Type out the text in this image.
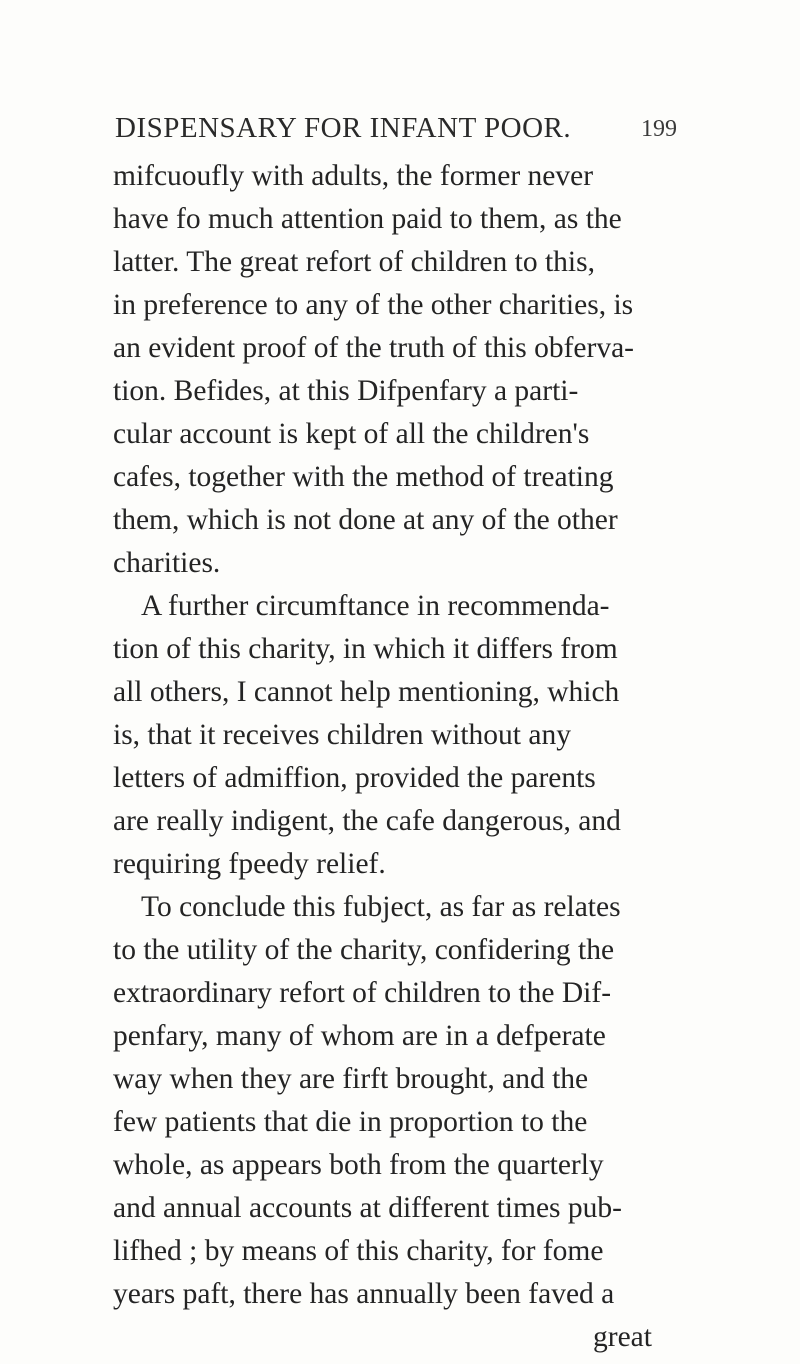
DISPENSARY FOR INFANT POOR.	199
mifcuoufly with adults, the former never
have fo much attention paid to them, as the
latter. The great refort of children to this,
in preference to any of the other charities, is
an evident proof of the truth of this obferva-
tion. Befides, at this Difpenfary a parti-
cular account is kept of all the children's
cafes, together with the method of treating
them, which is not done at any of the other
charities.
A further circumftance in recommenda-
tion of this charity, in which it differs from
all others, I cannot help mentioning, which
is, that it receives children without any
letters of admiffion, provided the parents
are really indigent, the cafe dangerous, and
requiring fpeedy relief.
To conclude this fubject, as far as relates
to the utility of the charity, confidering the
extraordinary refort of children to the Dif-
penfary, many of whom are in a defperate
way when they are firft brought, and the
few patients that die in proportion to the
whole, as appears both from the quarterly
and annual accounts at different times pub-
lifhed ; by means of this charity, for fome
years paft, there has annually been faved a
great
